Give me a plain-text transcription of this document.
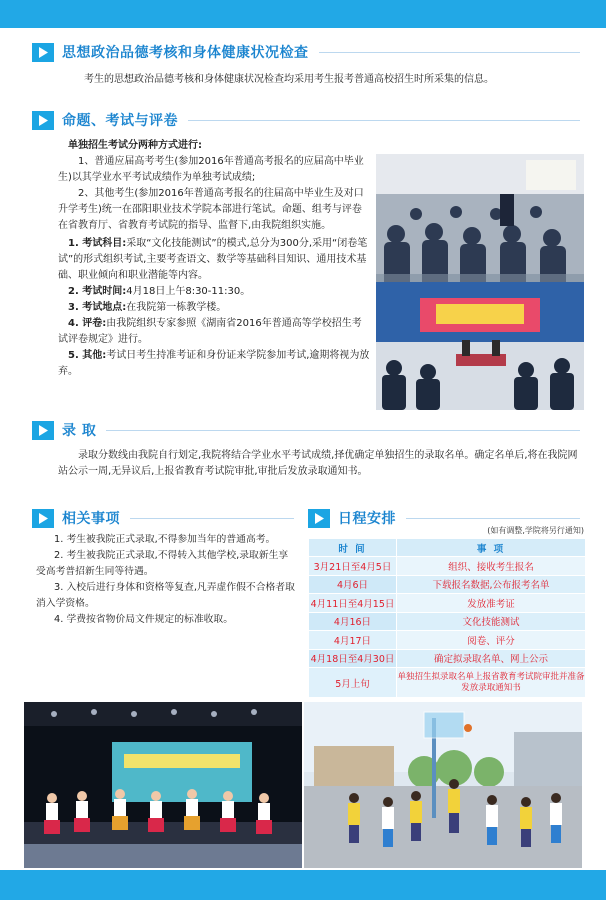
思想政治品德考核和身体健康状况检查
考生的思想政治品德考核和身体健康状况检查均采用考生报考普通高校招生时所采集的信息。
命题、考试与评卷

单独招生考试分两种方式进行:

1、普通应届高考考生(参加2016年普通高考报名的应届高中毕业生)以其学业水平考试成绩作为单独考试成绩;

2、其他考生(参加2016年普通高考报名的往届高中毕业生及对口升学考生)统一在邵阳职业技术学院本部进行笔试。命题、组考与评卷在省教育厅、省教育考试院的指导、监督下,由我院组织实施。

1. 考试科目:采取“文化技能测试”的模式,总分为300分,采用“闭卷笔试”的形式组织考试,主要考查语文、数学等基础科目知识、通用技术基础、职业倾向和职业潜能等内容。

2. 考试时间:4月18日上午8:30-11:30。

3. 考试地点:在我院第一栋教学楼。

4. 评卷:由我院组织专家参照《湖南省2016年普通高等学校招生考试评卷规定》进行。

5. 其他:考试日考生持准考证和身份证来学院参加考试,逾期将视为放弃。

录 取
录取分数线由我院自行划定,我院将结合学业水平考试成绩,择优确定单独招生的录取名单。确定名单后,将在我院网站公示一周,无异议后,上报省教育考试院审批,审批后发放录取通知书。
相关事项

1. 考生被我院正式录取,不得参加当年的普通高考。

2. 考生被我院正式录取,不得转入其他学校,录取新生享受高考普招新生同等待遇。

3. 入校后进行身体和资格等复查,凡弄虚作假不合格者取消入学资格。

4. 学费按省物价局文件规定的标准收取。

日程安排
(如有调整,学院将另行通知)
时 间	事 项
3月21日至4月5日	组织、接收考生报名
4月6日	下载报名数据,公布报考名单
4月11日至4月15日	发放准考证
4月16日	文化技能测试
4月17日	阅卷、评分
4月18日至4月30日	确定拟录取名单、网上公示
5月上旬	单独招生拟录取名单上报省教育考试院审批并准备发放录取通知书
